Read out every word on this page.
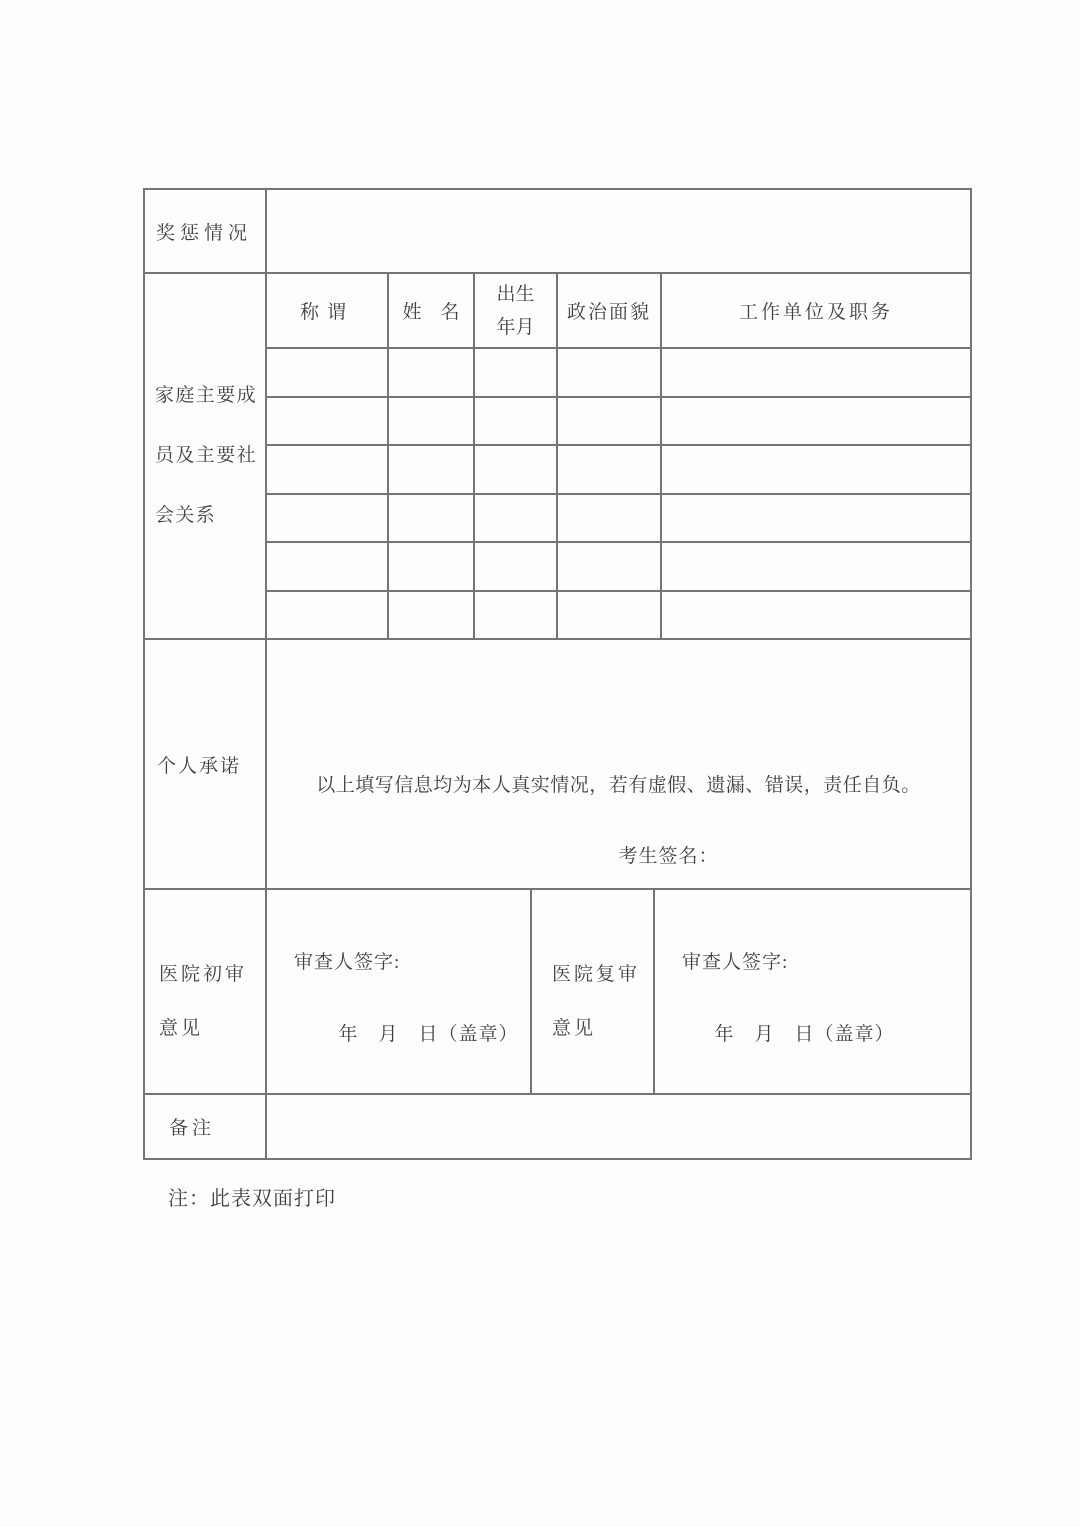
奖惩情况
家庭主要成员及主要社会关系
称谓	姓　名
出生年月
政治面貌	工作单位及职务
个人承诺
以上填写信息均为本人真实情况，若有虚假、遗漏、错误，责任自负。
考生签名：
医院初审意见
审查人签字:
年　月　日（盖章）
医院复审意见
审查人签字:
年　月　日（盖章）
备注
注：此表双面打印
